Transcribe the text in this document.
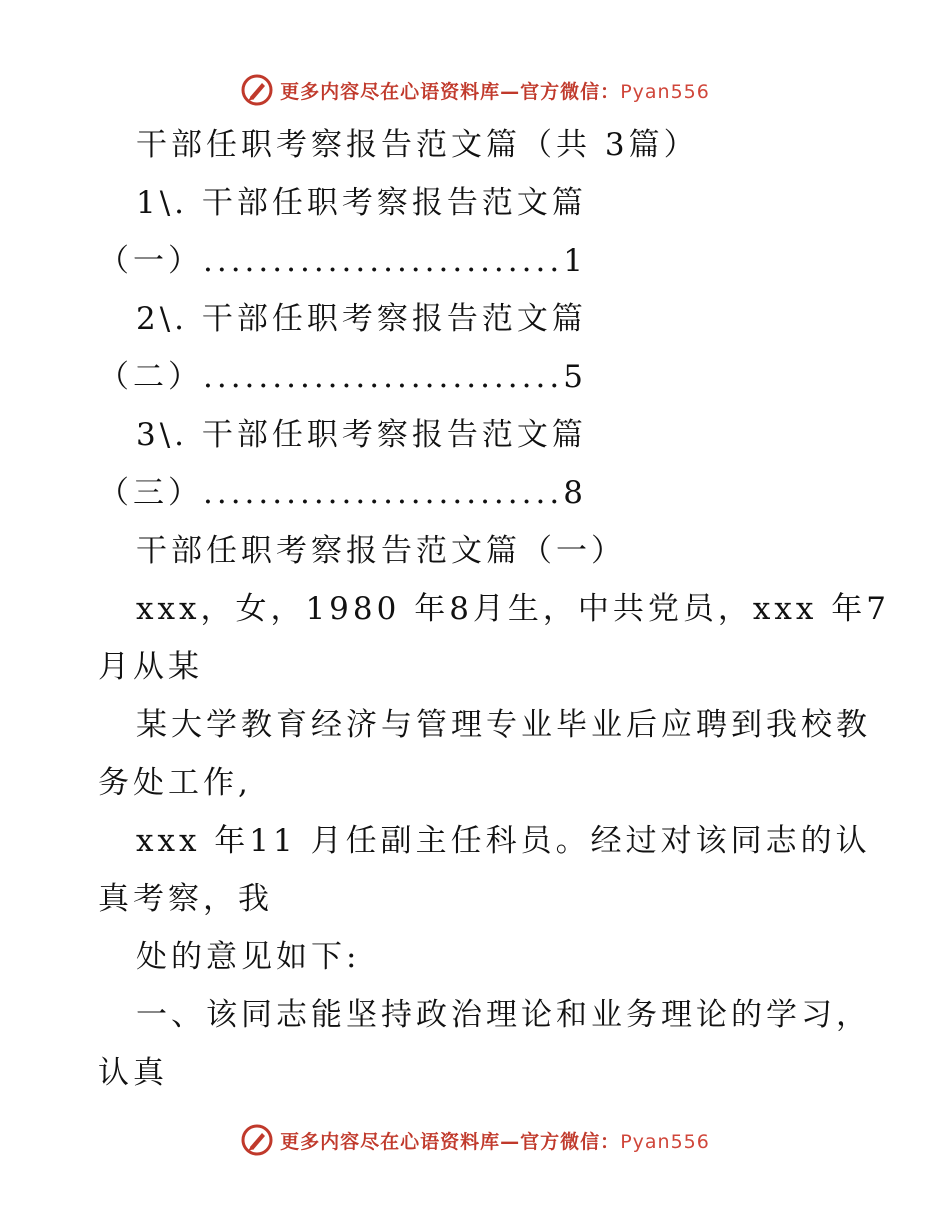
更多内容尽在心语资料库—官方微信：Pyan556
干部任职考察报告范文篇（共 3篇）
1\. 干部任职考察报告范文篇
（一）..........................1
2\. 干部任职考察报告范文篇
（二）..........................5
3\. 干部任职考察报告范文篇
（三）..........................8
干部任职考察报告范文篇（一）
xxx，女，1980 年8月生，中共党员，xxx 年7
月从某
某大学教育经济与管理专业毕业后应聘到我校教
务处工作,
xxx 年11 月任副主任科员。经过对该同志的认
真考察，我
处的意见如下:
一、该同志能坚持政治理论和业务理论的学习，
认真
更多内容尽在心语资料库—官方微信：Pyan556
